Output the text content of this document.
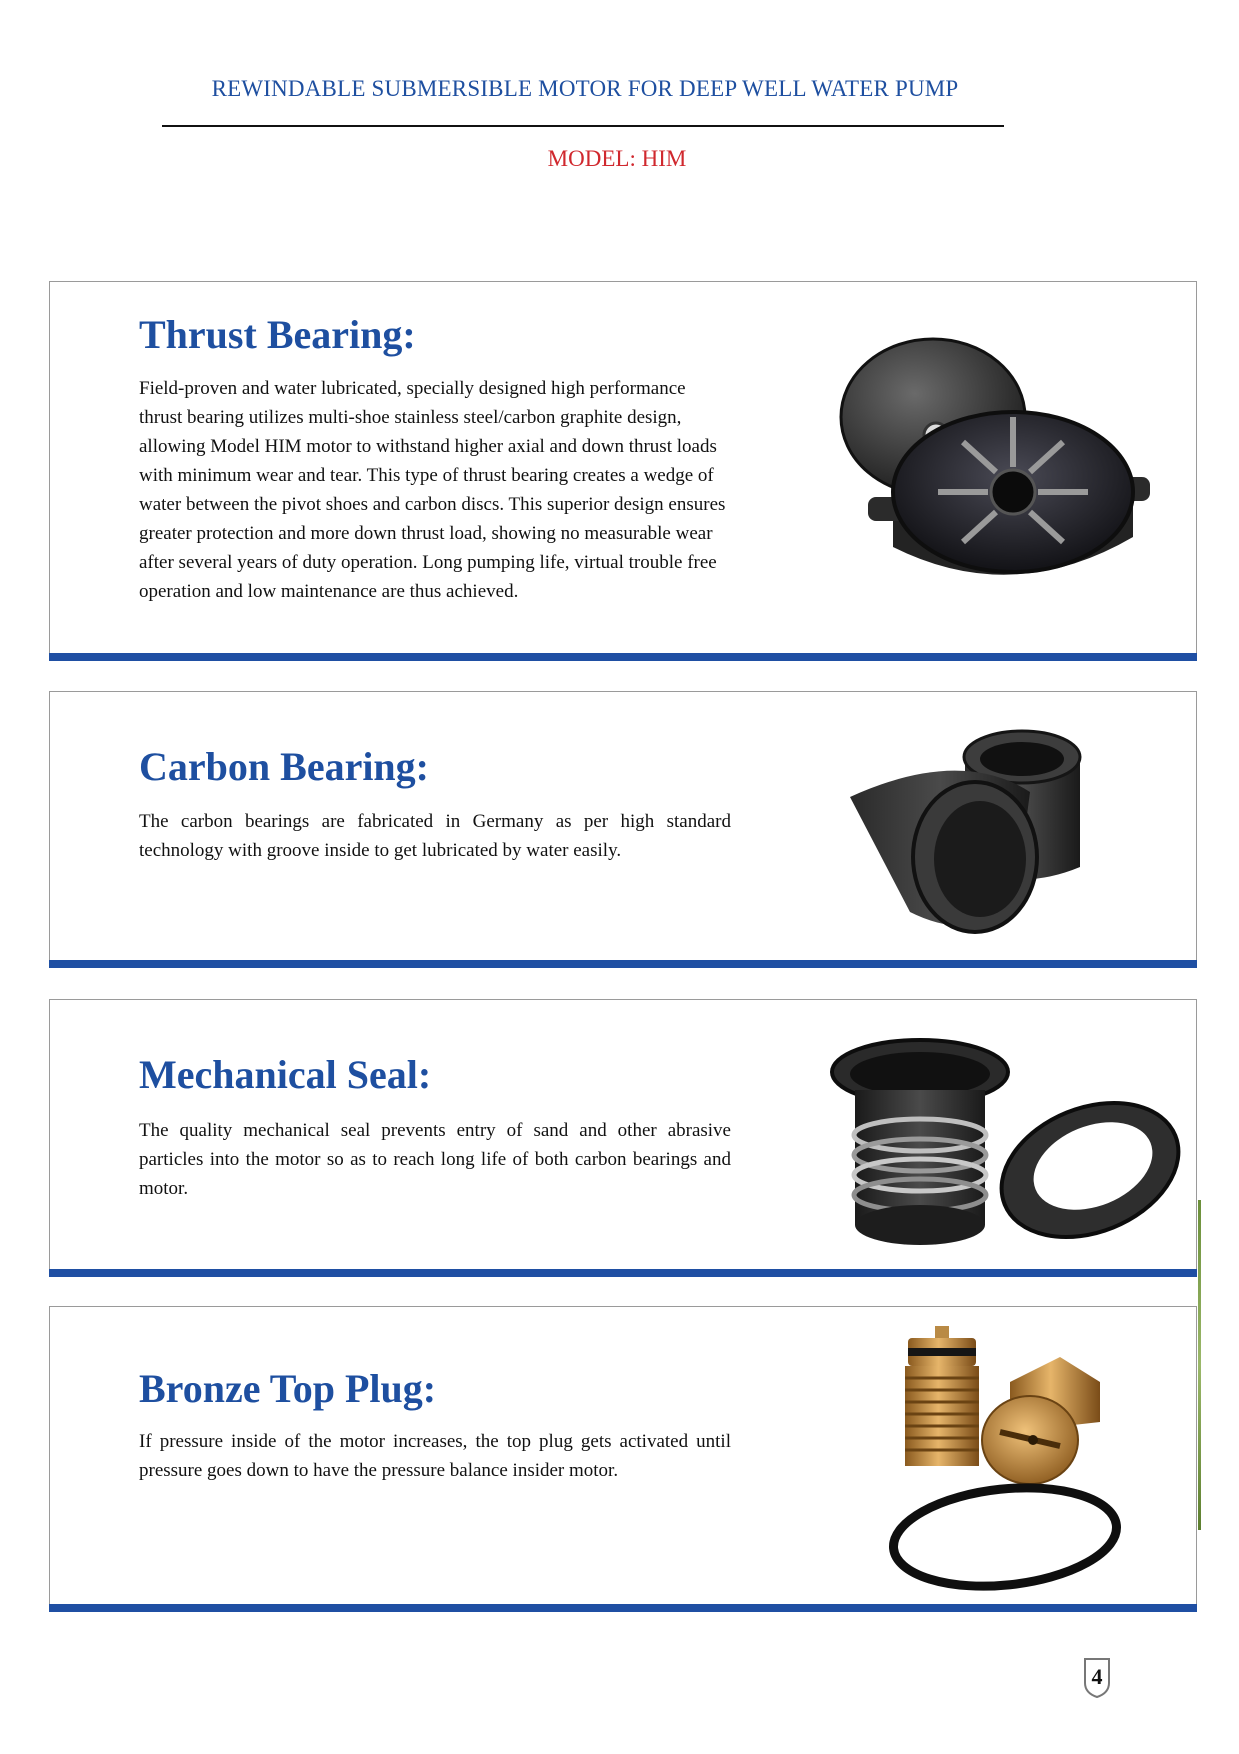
REWINDABLE SUBMERSIBLE MOTOR FOR DEEP WELL WATER PUMP
MODEL: HIM
Thrust Bearing:

Field-proven and water lubricated, specially designed high performance thrust bearing utilizes multi-shoe stainless steel/carbon graphite design, allowing Model HIM motor to withstand higher axial and down thrust loads with minimum wear and tear. This type of thrust bearing creates a wedge of water between the pivot shoes and carbon discs. This superior design ensures greater protection and more down thrust load, showing no measurable wear after several years of duty operation. Long pumping life, virtual trouble free operation and low maintenance are thus achieved.

Carbon Bearing:

The carbon bearings are fabricated in Germany as per high standard technology with groove inside to get lubricated by water easily.

Mechanical Seal:

The quality mechanical seal prevents entry of sand and other abrasive particles into the motor so as to reach long life of both carbon bearings and motor.

Bronze Top Plug:

If pressure inside of the motor increases, the top plug gets activated until pressure goes down to have the pressure balance insider motor.

4
